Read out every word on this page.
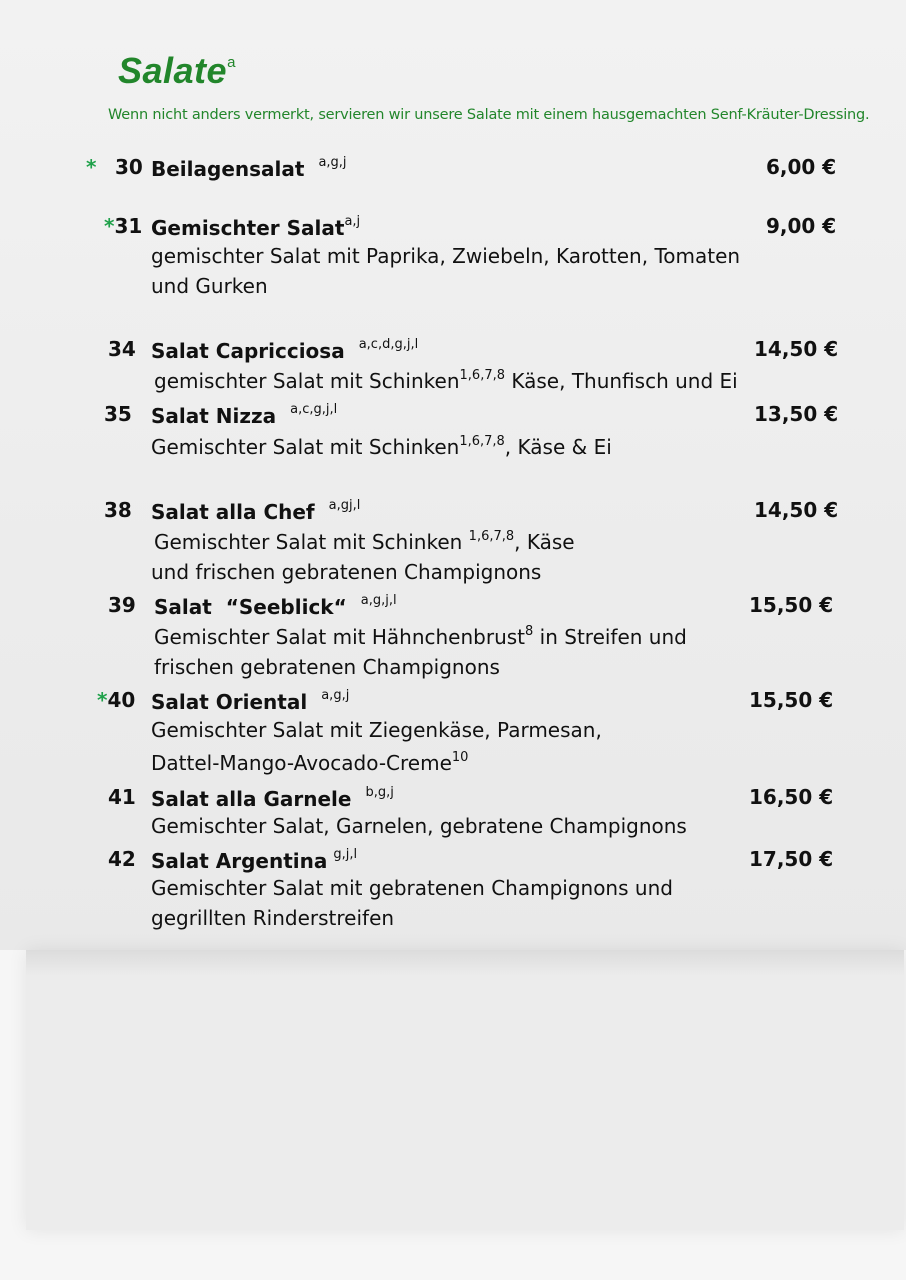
Salate$^a$
Wenn nicht anders vermerkt, servieren wir unsere Salate mit einem hausgemachten Senf-Kräuter-Dressing.
* 30 Beilagensalat $^{a,g,j}$	6,00 €
*31 Gemischter Salat$^{a,j}$	9,00 €
gemischter Salat mit Paprika, Zwiebeln, Karotten, Tomaten
und Gurken
34 Salat Capricciosa $^{a,c,d,g,j,l}$	14,50 €
gemischter Salat mit Schinken$^{1,6,7,8}$ Käse, Thunfisch und Ei
35 Salat Nizza $^{a,c,g,j,l}$	13,50 €
Gemischter Salat mit Schinken$^{1,6,7,8}$, Käse & Ei
38 Salat alla Chef $^{a,gj,l}$	14,50 €
Gemischter Salat mit Schinken $^{1,6,7,8}$, Käse
und frischen gebratenen Champignons
39 Salat  “Seeblick“ $^{a,g,j,l}$	15,50 €
Gemischter Salat mit Hähnchenbrust$^8$ in Streifen und
frischen gebratenen Champignons
*40 Salat Oriental $^{a,g,j}$	15,50 €
Gemischter Salat mit Ziegenkäse, Parmesan,
Dattel-Mango-Avocado-Creme$^{10}$
41 Salat alla Garnele $^{b,g,j}$	16,50 €
Gemischter Salat, Garnelen, gebratene Champignons
42 Salat Argentina $^{g,j,l}$	17,50 €
Gemischter Salat mit gebratenen Champignons und
gegrillten Rinderstreifen
